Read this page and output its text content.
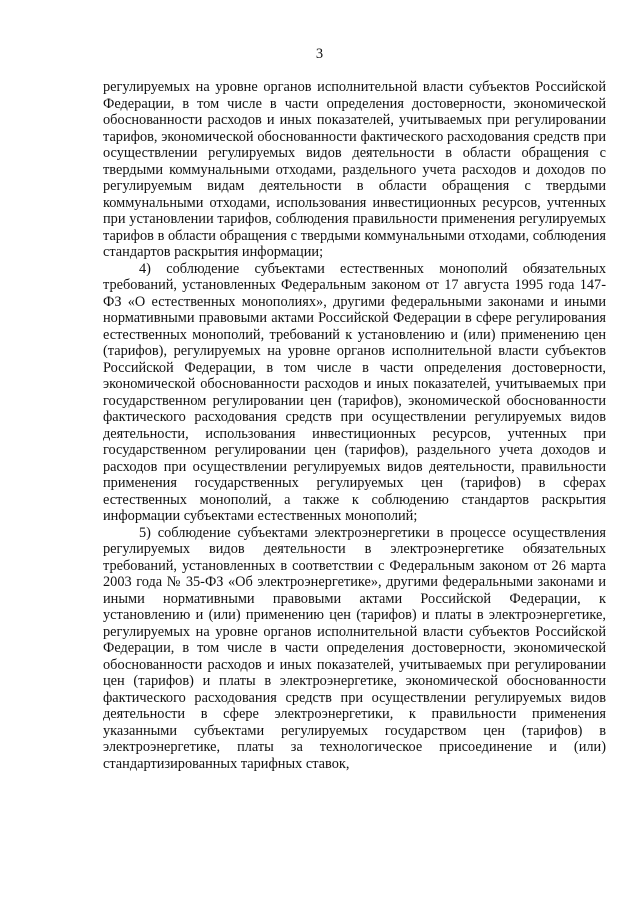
3

регулируемых на уровне органов исполнительной власти субъектов Российской Федерации, в том числе в части определения достоверности, экономической обоснованности расходов и иных показателей, учитываемых при регулировании тарифов, экономической обоснованности фактического расходования средств при осуществлении регулируемых видов деятельности в области обращения с твердыми коммунальными отходами, раздельного учета расходов и доходов по регулируемым видам деятельности в области обращения с твердыми коммунальными отходами, использования инвестиционных ресурсов, учтенных при установлении тарифов, соблюдения правильности применения регулируемых тарифов в области обращения с твердыми коммунальными отходами, соблюдения стандартов раскрытия информации;

4) соблюдение субъектами естественных монополий обязательных требований, установленных Федеральным законом от 17 августа 1995 года 147-ФЗ «О естественных монополиях», другими федеральными законами и иными нормативными правовыми актами Российской Федерации в сфере регулирования естественных монополий, требований к установлению и (или) применению цен (тарифов), регулируемых на уровне органов исполнительной власти субъектов Российской Федерации, в том числе в части определения достоверности, экономической обоснованности расходов и иных показателей, учитываемых при государственном регулировании цен (тарифов), экономической обоснованности фактического расходования средств при осуществлении регулируемых видов деятельности, использования инвестиционных ресурсов, учтенных при государственном регулировании цен (тарифов), раздельного учета доходов и расходов при осуществлении регулируемых видов деятельности, правильности применения государственных регулируемых цен (тарифов) в сферах естественных монополий, а также к соблюдению стандартов раскрытия информации субъектами естественных монополий;

5) соблюдение субъектами электроэнергетики в процессе осуществления регулируемых видов деятельности в электроэнергетике обязательных требований, установленных в соответствии с Федеральным законом от 26 марта 2003 года № 35-ФЗ «Об электроэнергетике», другими федеральными законами и иными нормативными правовыми актами Российской Федерации, к установлению и (или) применению цен (тарифов) и платы в электроэнергетике, регулируемых на уровне органов исполнительной власти субъектов Российской Федерации, в том числе в части определения достоверности, экономической обоснованности расходов и иных показателей, учитываемых при регулировании цен (тарифов) и платы в электроэнергетике, экономической обоснованности фактического расходования средств при осуществлении регулируемых видов деятельности в сфере электроэнергетики, к правильности применения указанными субъектами регулируемых государством цен (тарифов) в электроэнергетике, платы за технологическое присоединение и (или) стандартизированных тарифных ставок,
